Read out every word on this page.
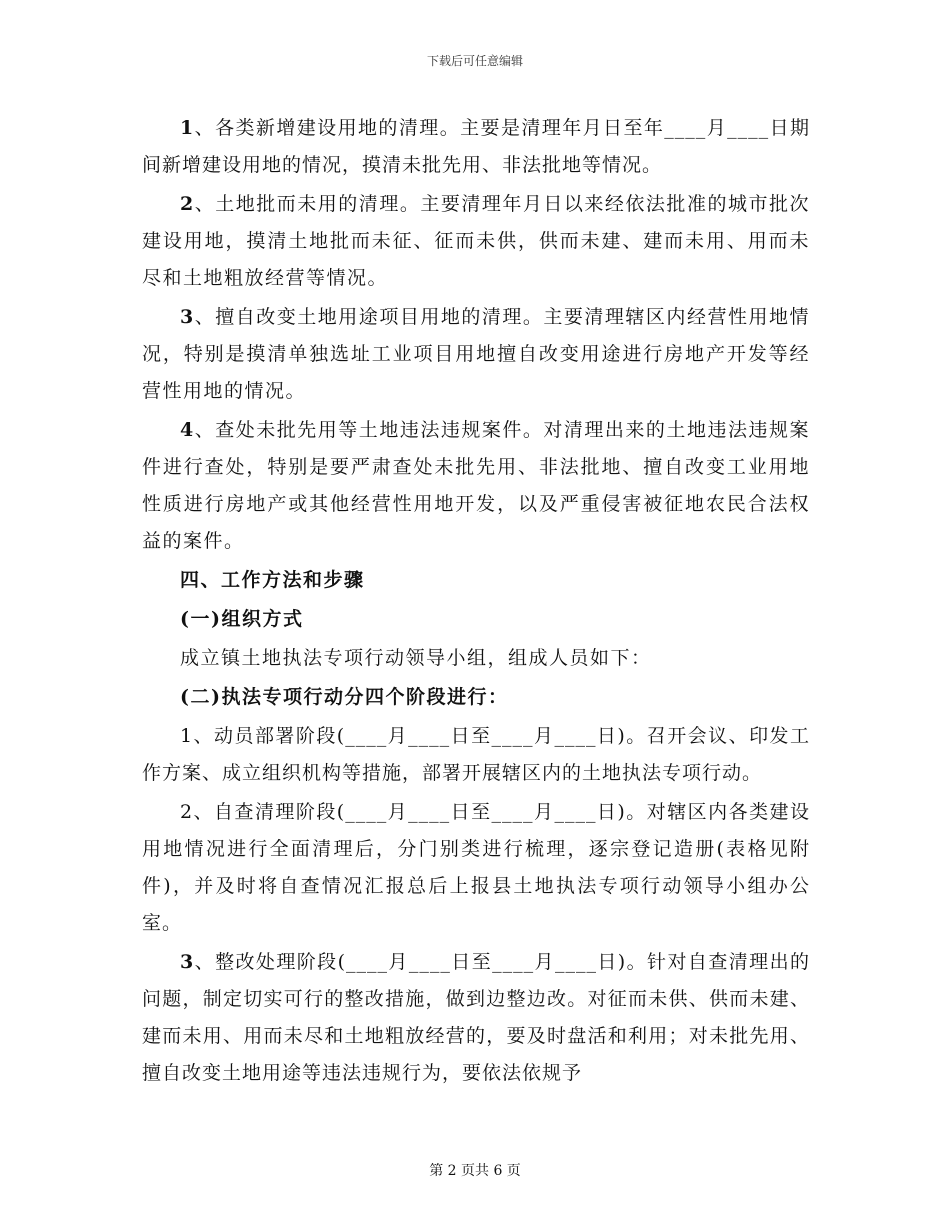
下载后可任意编辑

1、各类新增建设用地的清理。主要是清理年月日至年____月____日期间新增建设用地的情况，摸清未批先用、非法批地等情况。

2、土地批而未用的清理。主要清理年月日以来经依法批准的城市批次建设用地，摸清土地批而未征、征而未供，供而未建、建而未用、用而未尽和土地粗放经营等情况。

3、擅自改变土地用途项目用地的清理。主要清理辖区内经营性用地情况，特别是摸清单独选址工业项目用地擅自改变用途进行房地产开发等经营性用地的情况。

4、查处未批先用等土地违法违规案件。对清理出来的土地违法违规案件进行查处，特别是要严肃查处未批先用、非法批地、擅自改变工业用地性质进行房地产或其他经营性用地开发，以及严重侵害被征地农民合法权益的案件。

四、工作方法和步骤

(一)组织方式

成立镇土地执法专项行动领导小组，组成人员如下：

(二)执法专项行动分四个阶段进行：

1、动员部署阶段(____月____日至____月____日)。召开会议、印发工作方案、成立组织机构等措施，部署开展辖区内的土地执法专项行动。

2、自查清理阶段(____月____日至____月____日)。对辖区内各类建设用地情况进行全面清理后，分门别类进行梳理，逐宗登记造册(表格见附件)，并及时将自查情况汇报总后上报县土地执法专项行动领导小组办公室。

3、整改处理阶段(____月____日至____月____日)。针对自查清理出的问题，制定切实可行的整改措施，做到边整边改。对征而未供、供而未建、建而未用、用而未尽和土地粗放经营的，要及时盘活和利用；对未批先用、擅自改变土地用途等违法违规行为，要依法依规予

第 2 页共 6 页
